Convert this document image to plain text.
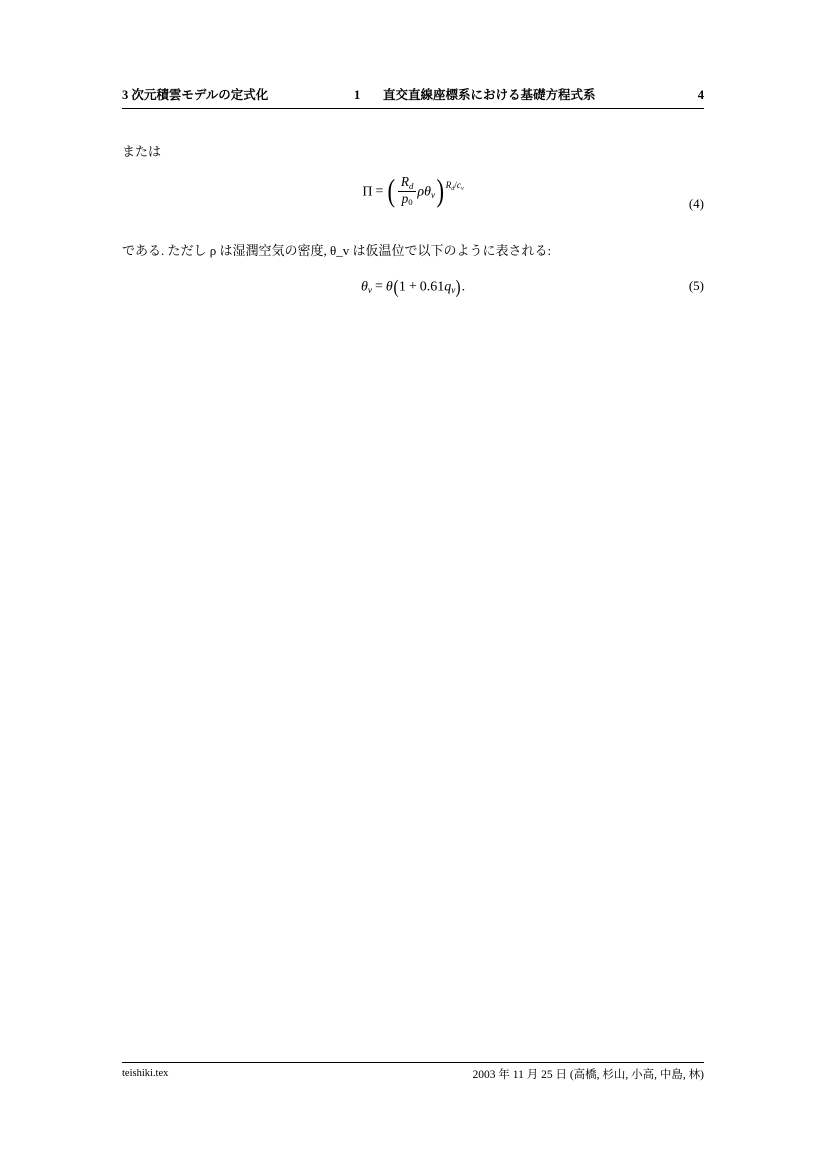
3 次元積雲モデルの定式化	1 直交直線座標系における基礎方程式系	4
または
Π = ( $\frac{Rd}{p0} \rho\theta v)Rd/cv$
(4)
である. ただし ρ は湿潤空気の密度, θ_v は仮温位で以下のように表される:
θv = θ(1 + 0.61qv).	(5)
teishiki.tex	2003 年 11 月 25 日 (高橋, 杉山, 小高, 中島, 林)
